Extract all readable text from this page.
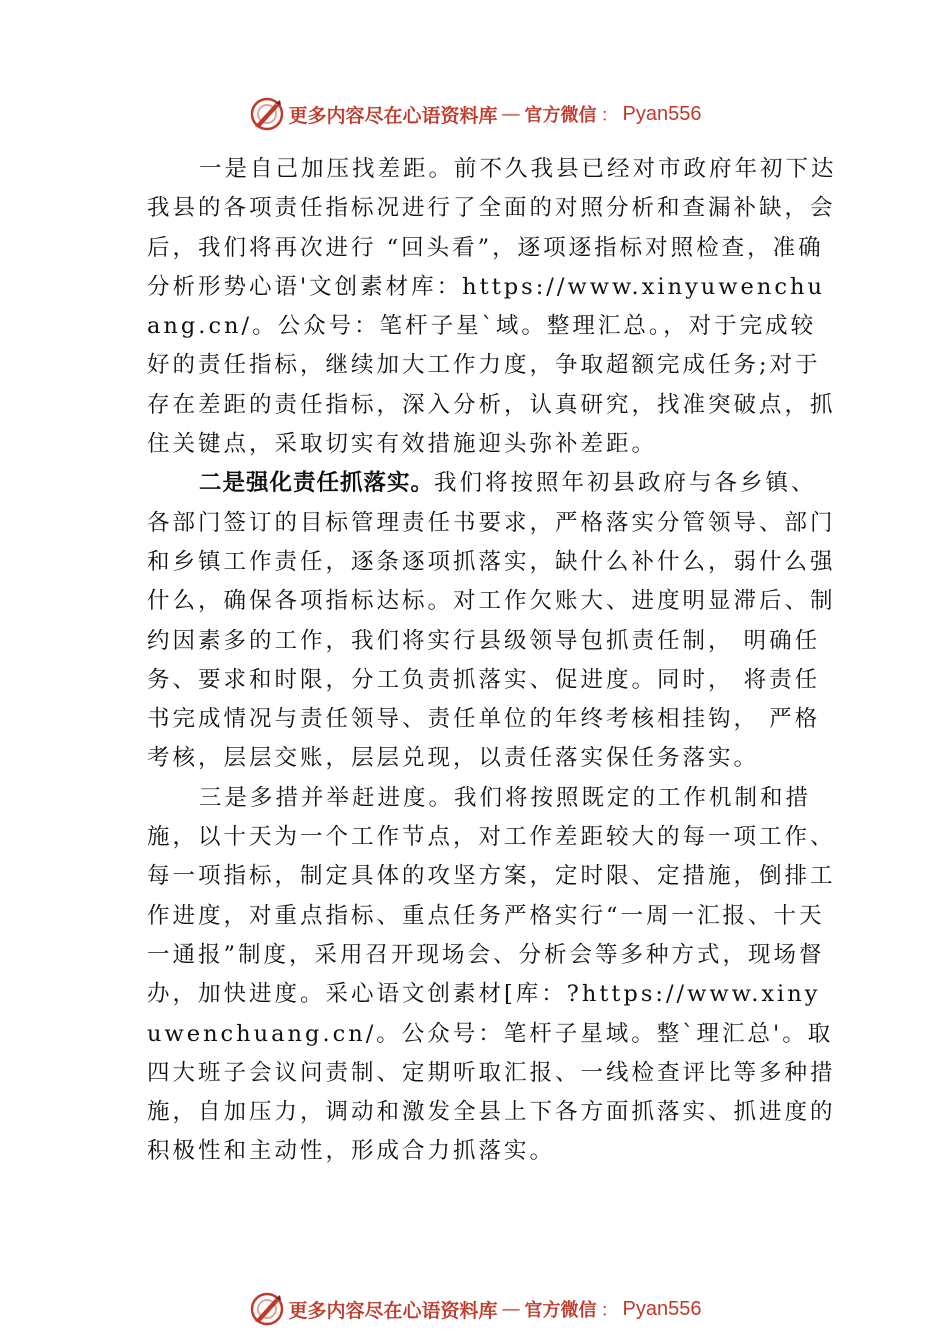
更多内容尽在心语资料库 — 官方微信 ： Pyan556

一是自己加压找差距。前不久我县已经对市政府年初下达我县的各项责任指标况进行了全面的对照分析和查漏补缺，会后，我们将再次进行 “回头看”，逐项逐指标对照检查，准确分析形势心语'文创素材库：https://www.xinyuwenchuang.cn/。公众号：笔杆子星`域。整理汇总。，对于完成较好的责任指标，继续加大工作力度，争取超额完成任务;对于存在差距的责任指标，深入分析，认真研究，找准突破点，抓住关键点，采取切实有效措施迎头弥补差距。

二是强化责任抓落实。我们将按照年初县政府与各乡镇、各部门签订的目标管理责任书要求，严格落实分管领导、部门和乡镇工作责任，逐条逐项抓落实，缺什么补什么，弱什么强什么，确保各项指标达标。对工作欠账大、进度明显滞后、制约因素多的工作，我们将实行县级领导包抓责任制， 明确任务、要求和时限，分工负责抓落实、促进度。同时， 将责任书完成情况与责任领导、责任单位的年终考核相挂钩， 严格考核，层层交账，层层兑现，以责任落实保任务落实。

三是多措并举赶进度。我们将按照既定的工作机制和措施，以十天为一个工作节点，对工作差距较大的每一项工作、每一项指标，制定具体的攻坚方案，定时限、定措施，倒排工作进度，对重点指标、重点任务严格实行“一周一汇报、十天一通报”制度，采用召开现场会、分析会等多种方式，现场督办，加快进度。采心语文创素材[库：?https://www.xinyuwenchuang.cn/。公众号：笔杆子星域。整`理汇总'。取四大班子会议问责制、定期听取汇报、一线检查评比等多种措施，自加压力，调动和激发全县上下各方面抓落实、抓进度的积极性和主动性，形成合力抓落实。

更多内容尽在心语资料库 — 官方微信 ： Pyan556
